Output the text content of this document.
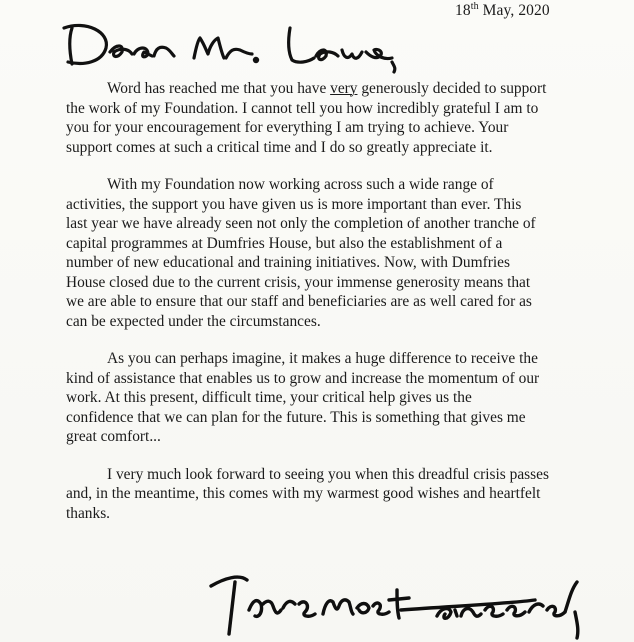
18th May, 2020

Word has reached me that you have very generously decided to support
the work of my Foundation. I cannot tell you how incredibly grateful I am to
you for your encouragement for everything I am trying to achieve. Your
support comes at such a critical time and I do so greatly appreciate it.

With my Foundation now working across such a wide range of
activities, the support you have given us is more important than ever. This
last year we have already seen not only the completion of another tranche of
capital programmes at Dumfries House, but also the establishment of a
number of new educational and training initiatives. Now, with Dumfries
House closed due to the current crisis, your immense generosity means that
we are able to ensure that our staff and beneficiaries are as well cared for as
can be expected under the circumstances.

As you can perhaps imagine, it makes a huge difference to receive the
kind of assistance that enables us to grow and increase the momentum of our
work. At this present, difficult time, your critical help gives us the
confidence that we can plan for the future. This is something that gives me
great comfort...

I very much look forward to seeing you when this dreadful crisis passes
and, in the meantime, this comes with my warmest good wishes and heartfelt
thanks.
